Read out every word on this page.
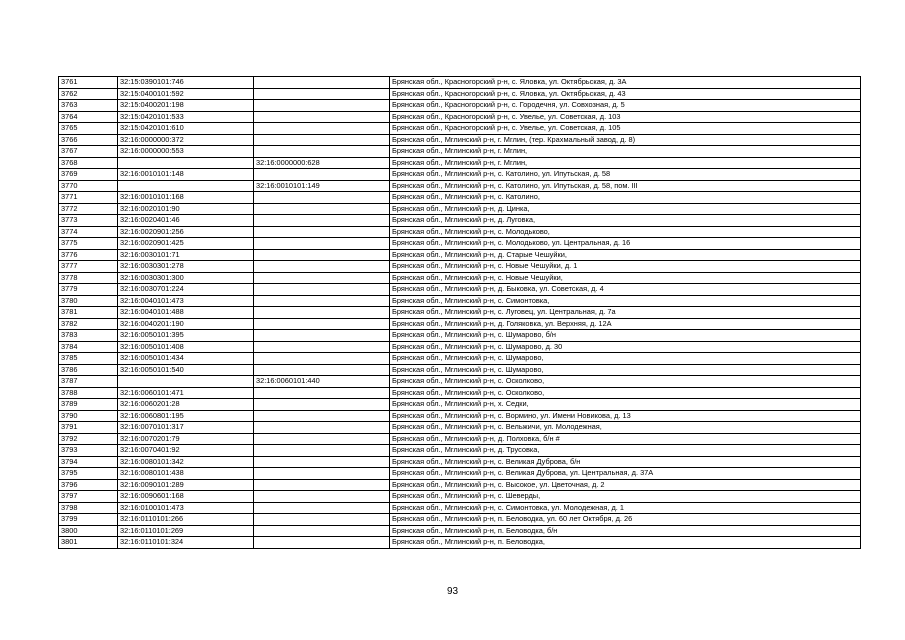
3761	32:15:0390101:746		Брянская обл., Красногорский р-н, с. Яловка, ул. Октябрьская, д. 3А
3762	32:15:0400101:592		Брянская обл., Красногорский р-н, с. Яловка, ул. Октябрьская, д. 43
3763	32:15:0400201:198		Брянская обл., Красногорский р-н, с. Городечня, ул. Совхозная, д. 5
3764	32:15:0420101:533		Брянская обл., Красногорский р-н, с. Увелье, ул. Советская, д. 103
3765	32:15:0420101:610		Брянская обл., Красногорский р-н, с. Увелье, ул. Советская, д. 105
3766	32:16:0000000:372		Брянская обл., Мглинский р-н, г. Мглин, (тер. Крахмальный завод, д. 8)
3767	32:16:0000000:553		Брянская обл., Мглинский р-н, г. Мглин,
3768		32:16:0000000:628	Брянская обл., Мглинский р-н, г. Мглин,
3769	32:16:0010101:148		Брянская обл., Мглинский р-н, с. Католино, ул. Ипутьская, д. 58
3770		32:16:0010101:149	Брянская обл., Мглинский р-н, с. Католино, ул. Ипутьская, д. 58, пом. III
3771	32:16:0010101:168		Брянская обл., Мглинский р-н, с. Католино,
3772	32:16:0020101:90		Брянская обл., Мглинский р-н, д. Цинка,
3773	32:16:0020401:46		Брянская обл., Мглинский р-н, д. Луговка,
3774	32:16:0020901:256		Брянская обл., Мглинский р-н, с. Молодьково,
3775	32:16:0020901:425		Брянская обл., Мглинский р-н, с. Молодьково, ул. Центральная, д. 16
3776	32:16:0030101:71		Брянская обл., Мглинский р-н, д. Старые Чешуйки,
3777	32:16:0030301:278		Брянская обл., Мглинский р-н, с. Новые Чешуйки, д. 1
3778	32:16:0030301:300		Брянская обл., Мглинский р-н, с. Новые Чешуйки,
3779	32:16:0030701:224		Брянская обл., Мглинский р-н, д. Быковка, ул. Советская, д. 4
3780	32:16:0040101:473		Брянская обл., Мглинский р-н, с. Симонтовка,
3781	32:16:0040101:488		Брянская обл., Мглинский р-н, с. Луговец, ул. Центральная, д. 7а
3782	32:16:0040201:190		Брянская обл., Мглинский р-н, д. Голяковка, ул. Верхняя, д. 12А
3783	32:16:0050101:395		Брянская обл., Мглинский р-н, с. Шумарово, б/н
3784	32:16:0050101:408		Брянская обл., Мглинский р-н, с. Шумарово, д. 30
3785	32:16:0050101:434		Брянская обл., Мглинский р-н, с. Шумарово,
3786	32:16:0050101:540		Брянская обл., Мглинский р-н, с. Шумарово,
3787		32:16:0060101:440	Брянская обл., Мглинский р-н, с. Осколково,
3788	32:16:0060101:471		Брянская обл., Мглинский р-н, с. Осколково,
3789	32:16:0060201:28		Брянская обл., Мглинский р-н, х. Седки,
3790	32:16:0060801:195		Брянская обл., Мглинский р-н, с. Вормино, ул. Имени Новикова, д. 13
3791	32:16:0070101:317		Брянская обл., Мглинский р-н, с. Вельжичи, ул. Молодежная,
3792	32:16:0070201:79		Брянская обл., Мглинский р-н, д. Полховка, б/н #
3793	32:16:0070401:92		Брянская обл., Мглинский р-н, д. Трусовка,
3794	32:16:0080101:342		Брянская обл., Мглинский р-н, с. Великая Дуброва, б/н
3795	32:16:0080101:438		Брянская обл., Мглинский р-н, с. Великая Дуброва, ул. Центральная, д. 37А
3796	32:16:0090101:289		Брянская обл., Мглинский р-н, с. Высокое, ул. Цветочная, д. 2
3797	32:16:0090601:168		Брянская обл., Мглинский р-н, с. Шеверды,
3798	32:16:0100101:473		Брянская обл., Мглинский р-н, с. Симонтовка, ул. Молодежная, д. 1
3799	32:16:0110101:266		Брянская обл., Мглинский р-н, п. Беловодка, ул. 60 лет Октября, д. 26
3800	32:16:0110101:269		Брянская обл., Мглинский р-н, п. Беловодка, б/н
3801	32:16:0110101:324		Брянская обл., Мглинский р-н, п. Беловодка,
93
